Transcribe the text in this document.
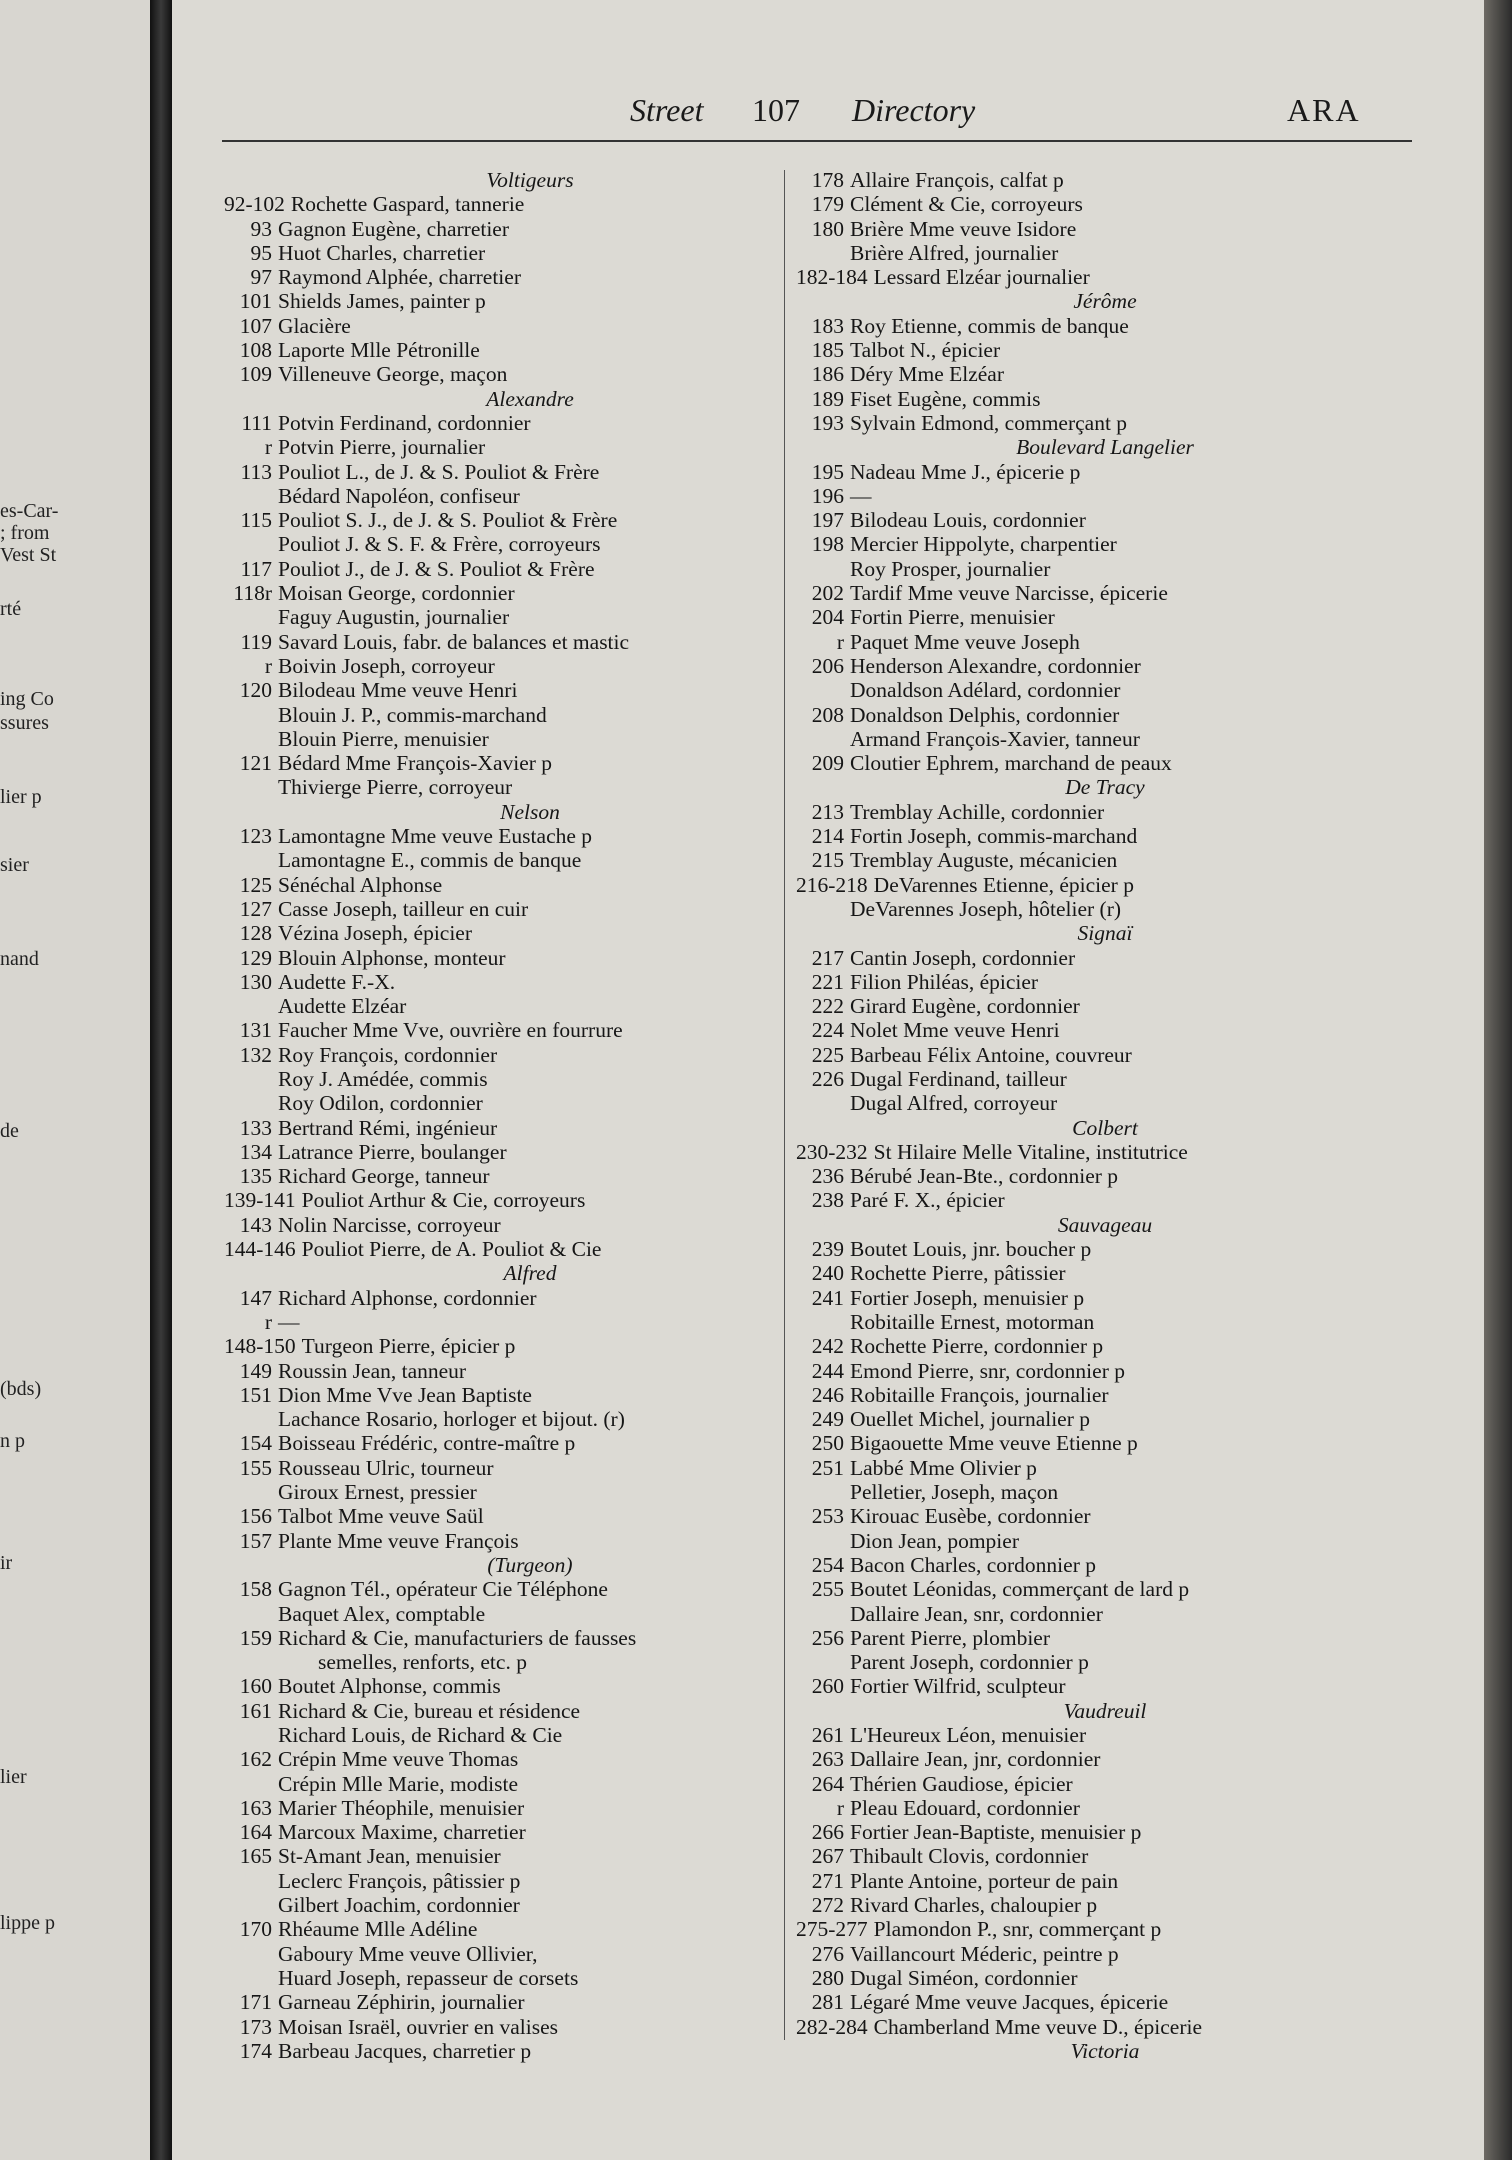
es-Car-
; from
Vest St
rté
ing Co
ssures
lier p
sier
nand
de
(bds)
n p
ir
lier
lippe p
Street 107 Directory	ARA
Voltigeurs
92-102 Rochette Gaspard, tannerie
93 Gagnon Eugène, charretier
95 Huot Charles, charretier
97 Raymond Alphée, charretier
101 Shields James, painter p
107 Glacière
108 Laporte Mlle Pétronille
109 Villeneuve George, maçon
Alexandre
111 Potvin Ferdinand, cordonnier
r Potvin Pierre, journalier
113 Pouliot L., de J. & S. Pouliot & Frère
Bédard Napoléon, confiseur
115 Pouliot S. J., de J. & S. Pouliot & Frère
Pouliot J. & S. F. & Frère, corroyeurs
117 Pouliot J., de J. & S. Pouliot & Frère
118r Moisan George, cordonnier
Faguy Augustin, journalier
119 Savard Louis, fabr. de balances et mastic
r Boivin Joseph, corroyeur
120 Bilodeau Mme veuve Henri
Blouin J. P., commis-marchand
Blouin Pierre, menuisier
121 Bédard Mme François-Xavier p
Thivierge Pierre, corroyeur
Nelson
123 Lamontagne Mme veuve Eustache p
Lamontagne E., commis de banque
125 Sénéchal Alphonse
127 Casse Joseph, tailleur en cuir
128 Vézina Joseph, épicier
129 Blouin Alphonse, monteur
130 Audette F.-X.
Audette Elzéar
131 Faucher Mme Vve, ouvrière en fourrure
132 Roy François, cordonnier
Roy J. Amédée, commis
Roy Odilon, cordonnier
133 Bertrand Rémi, ingénieur
134 Latrance Pierre, boulanger
135 Richard George, tanneur
139-141 Pouliot Arthur & Cie, corroyeurs
143 Nolin Narcisse, corroyeur
144-146 Pouliot Pierre, de A. Pouliot & Cie
Alfred
147 Richard Alphonse, cordonnier
r —
148-150 Turgeon Pierre, épicier p
149 Roussin Jean, tanneur
151 Dion Mme Vve Jean Baptiste
Lachance Rosario, horloger et bijout. (r)
154 Boisseau Frédéric, contre-maître p
155 Rousseau Ulric, tourneur
Giroux Ernest, pressier
156 Talbot Mme veuve Saül
157 Plante Mme veuve François
(Turgeon)
158 Gagnon Tél., opérateur Cie Téléphone
Baquet Alex, comptable
159 Richard & Cie, manufacturiers de fausses
semelles, renforts, etc. p
160 Boutet Alphonse, commis
161 Richard & Cie, bureau et résidence
Richard Louis, de Richard & Cie
162 Crépin Mme veuve Thomas
Crépin Mlle Marie, modiste
163 Marier Théophile, menuisier
164 Marcoux Maxime, charretier
165 St-Amant Jean, menuisier
Leclerc François, pâtissier p
Gilbert Joachim, cordonnier
170 Rhéaume Mlle Adéline
Gaboury Mme veuve Ollivier,
Huard Joseph, repasseur de corsets
171 Garneau Zéphirin, journalier
173 Moisan Israël, ouvrier en valises
174 Barbeau Jacques, charretier p
178 Allaire François, calfat p
179 Clément & Cie, corroyeurs
180 Brière Mme veuve Isidore
Brière Alfred, journalier
182-184 Lessard Elzéar journalier
Jérôme
183 Roy Etienne, commis de banque
185 Talbot N., épicier
186 Déry Mme Elzéar
189 Fiset Eugène, commis
193 Sylvain Edmond, commerçant p
Boulevard Langelier
195 Nadeau Mme J., épicerie p
196 —
197 Bilodeau Louis, cordonnier
198 Mercier Hippolyte, charpentier
Roy Prosper, journalier
202 Tardif Mme veuve Narcisse, épicerie
204 Fortin Pierre, menuisier
r Paquet Mme veuve Joseph
206 Henderson Alexandre, cordonnier
Donaldson Adélard, cordonnier
208 Donaldson Delphis, cordonnier
Armand François-Xavier, tanneur
209 Cloutier Ephrem, marchand de peaux
De Tracy
213 Tremblay Achille, cordonnier
214 Fortin Joseph, commis-marchand
215 Tremblay Auguste, mécanicien
216-218 DeVarennes Etienne, épicier p
DeVarennes Joseph, hôtelier (r)
Signaï
217 Cantin Joseph, cordonnier
221 Filion Philéas, épicier
222 Girard Eugène, cordonnier
224 Nolet Mme veuve Henri
225 Barbeau Félix Antoine, couvreur
226 Dugal Ferdinand, tailleur
Dugal Alfred, corroyeur
Colbert
230-232 St Hilaire Melle Vitaline, institutrice
236 Bérubé Jean-Bte., cordonnier p
238 Paré F. X., épicier
Sauvageau
239 Boutet Louis, jnr. boucher p
240 Rochette Pierre, pâtissier
241 Fortier Joseph, menuisier p
Robitaille Ernest, motorman
242 Rochette Pierre, cordonnier p
244 Emond Pierre, snr, cordonnier p
246 Robitaille François, journalier
249 Ouellet Michel, journalier p
250 Bigaouette Mme veuve Etienne p
251 Labbé Mme Olivier p
Pelletier, Joseph, maçon
253 Kirouac Eusèbe, cordonnier
Dion Jean, pompier
254 Bacon Charles, cordonnier p
255 Boutet Léonidas, commerçant de lard p
Dallaire Jean, snr, cordonnier
256 Parent Pierre, plombier
Parent Joseph, cordonnier p
260 Fortier Wilfrid, sculpteur
Vaudreuil
261 L'Heureux Léon, menuisier
263 Dallaire Jean, jnr, cordonnier
264 Thérien Gaudiose, épicier
r Pleau Edouard, cordonnier
266 Fortier Jean-Baptiste, menuisier p
267 Thibault Clovis, cordonnier
271 Plante Antoine, porteur de pain
272 Rivard Charles, chaloupier p
275-277 Plamondon P., snr, commerçant p
276 Vaillancourt Méderic, peintre p
280 Dugal Siméon, cordonnier
281 Légaré Mme veuve Jacques, épicerie
282-284 Chamberland Mme veuve D., épicerie
Victoria
